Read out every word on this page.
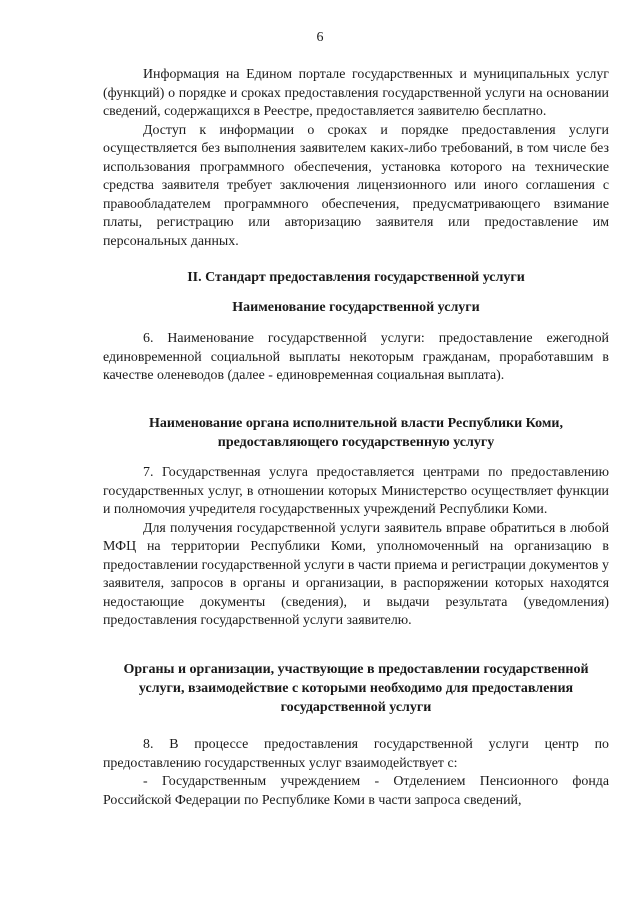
6
Информация на Едином портале государственных и муниципальных услуг (функций) о порядке и сроках предоставления государственной услуги на основании сведений, содержащихся в Реестре, предоставляется заявителю бесплатно.
Доступ к информации о сроках и порядке предоставления услуги осуществляется без выполнения заявителем каких-либо требований, в том числе без использования программного обеспечения, установка которого на технические средства заявителя требует заключения лицензионного или иного соглашения с правообладателем программного обеспечения, предусматривающего взимание платы, регистрацию или авторизацию заявителя или предоставление им персональных данных.
II. Стандарт предоставления государственной услуги
Наименование государственной услуги
6. Наименование государственной услуги: предоставление ежегодной единовременной социальной выплаты некоторым гражданам, проработавшим в качестве оленеводов (далее - единовременная социальная выплата).
Наименование органа исполнительной власти Республики Коми,
предоставляющего государственную услугу
7. Государственная услуга предоставляется центрами по предоставлению государственных услуг, в отношении которых Министерство осуществляет функции и полномочия учредителя государственных учреждений Республики Коми.
Для получения государственной услуги заявитель вправе обратиться в любой МФЦ на территории Республики Коми, уполномоченный на организацию в предоставлении государственной услуги в части приема и регистрации документов у заявителя, запросов в органы и организации, в распоряжении которых находятся недостающие документы (сведения), и выдачи результата (уведомления) предоставления государственной услуги заявителю.
Органы и организации, участвующие в предоставлении государственной
услуги, взаимодействие с которыми необходимо для предоставления
государственной услуги
8. В процессе предоставления государственной услуги центр по предоставлению государственных услуг взаимодействует с:
- Государственным учреждением - Отделением Пенсионного фонда Российской Федерации по Республике Коми в части запроса сведений,
